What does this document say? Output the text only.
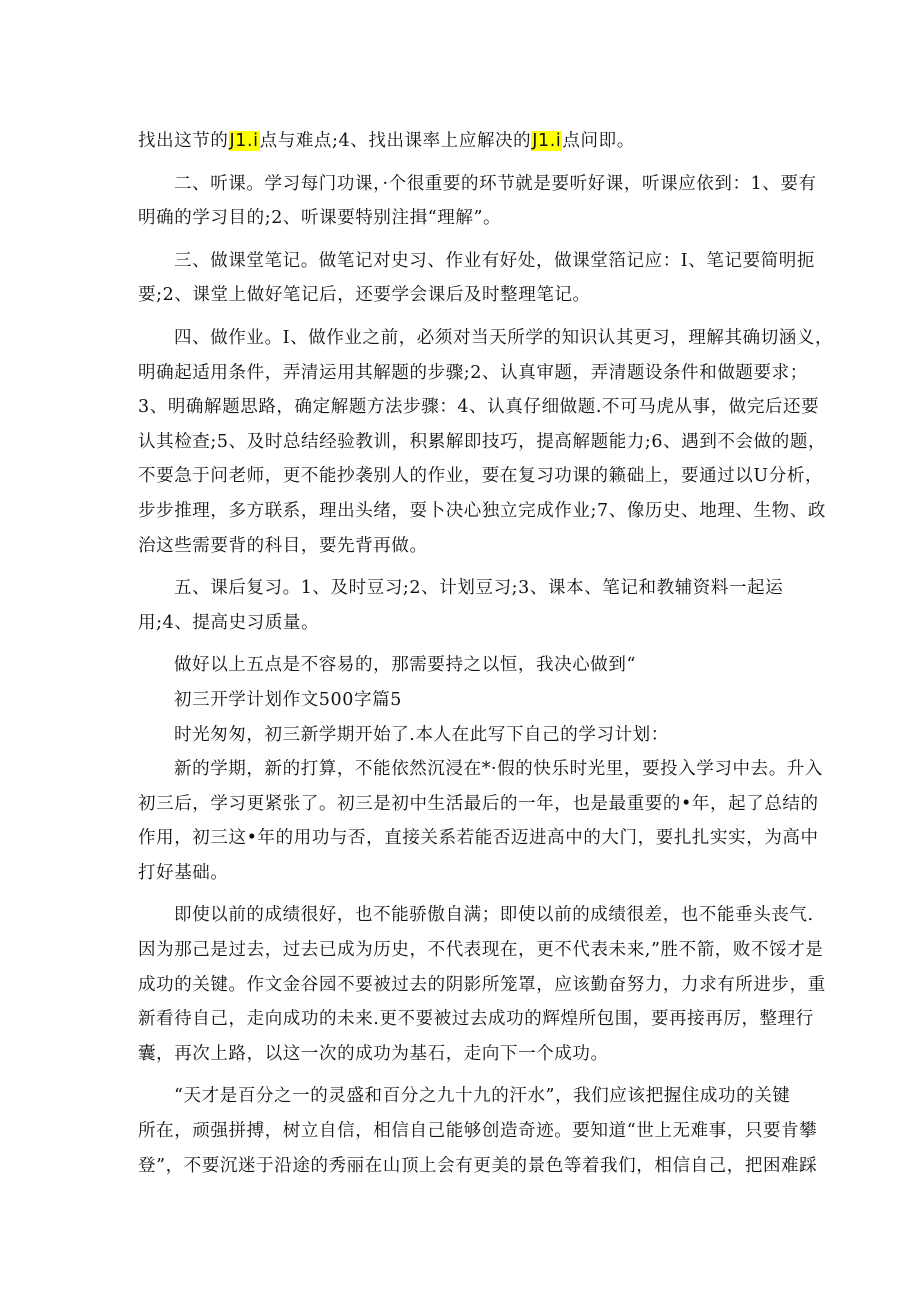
找出这节的J1.i点与难点;4、找出课率上应解决的J1.i点问即。
二、听课。学习每门功课，·个很重要的环节就是要听好课，听课应依到：1、要有
明确的学习目的;2、听课要特别注揖“理解”。
三、做课堂笔记。做笔记对史习、作业有好处，做课堂箔记应：I、笔记要简明扼
要;2、课堂上做好笔记后，还要学会课后及时整理笔记。
四、做作业。I、做作业之前，必须对当天所学的知识认其更习，理解其确切涵义，
明确起适用条件，弄清运用其解题的步骤;2、认真审题，弄清题设条件和做题要求；
3、明确解题思路，确定解题方法步骤：4、认真仔细做题.不可马虎从事，做完后还要
认其检查;5、及时总结经验教训，积累解即技巧，提高解题能力;6、遇到不会做的题，
不要急于问老师，更不能抄袭别人的作业，要在复习功课的籁础上，要通过以U分析，
步步推理，多方联系，理出头绪，耍卜决心独立完成作业;7、像历史、地理、生物、政
治这些需要背的科目，要先背再做。
五、课后复习。1、及时豆习;2、计划豆习;3、课本、笔记和教辅资料一起运
用;4、提高史习质量。
做好以上五点是不容易的，那需要持之以恒，我决心做到“
初三开学计划作文500字篇5
时光匆匆，初三新学期开始了.本人在此写下自己的学习计划：
新的学期，新的打算，不能依然沉浸在*·假的快乐时光里，要投入学习中去。升入
初三后，学习更紧张了。初三是初中生活最后的一年，也是最重要的•年，起了总结的
作用，初三这•年的用功与否，直接关系若能否迈进高中的大门，要扎扎实实，为高中
打好基础。
即使以前的成绩很好，也不能骄傲自满；即使以前的成绩很差，也不能垂头丧气.
因为那己是过去，过去已成为历史，不代表现在，更不代表未来,”胜不箭，败不馁才是
成功的关键。作文金谷园不要被过去的阴影所笼罩，应该勤奋努力，力求有所进步，重
新看待自己，走向成功的未来.更不要被过去成功的辉煌所包围，要再接再厉，整理行
囊，再次上路，以这一次的成功为基石，走向下一个成功。
“天才是百分之一的灵盛和百分之九十九的汗水”，我们应该把握住成功的关键
所在，顽强拼搏，树立自信，相信自己能够创造奇迹。要知道“世上无难事，只要肯攀
登”，不要沉迷于沿途的秀丽在山顶上会有更美的景色等着我们，相信自己，把困难踩
